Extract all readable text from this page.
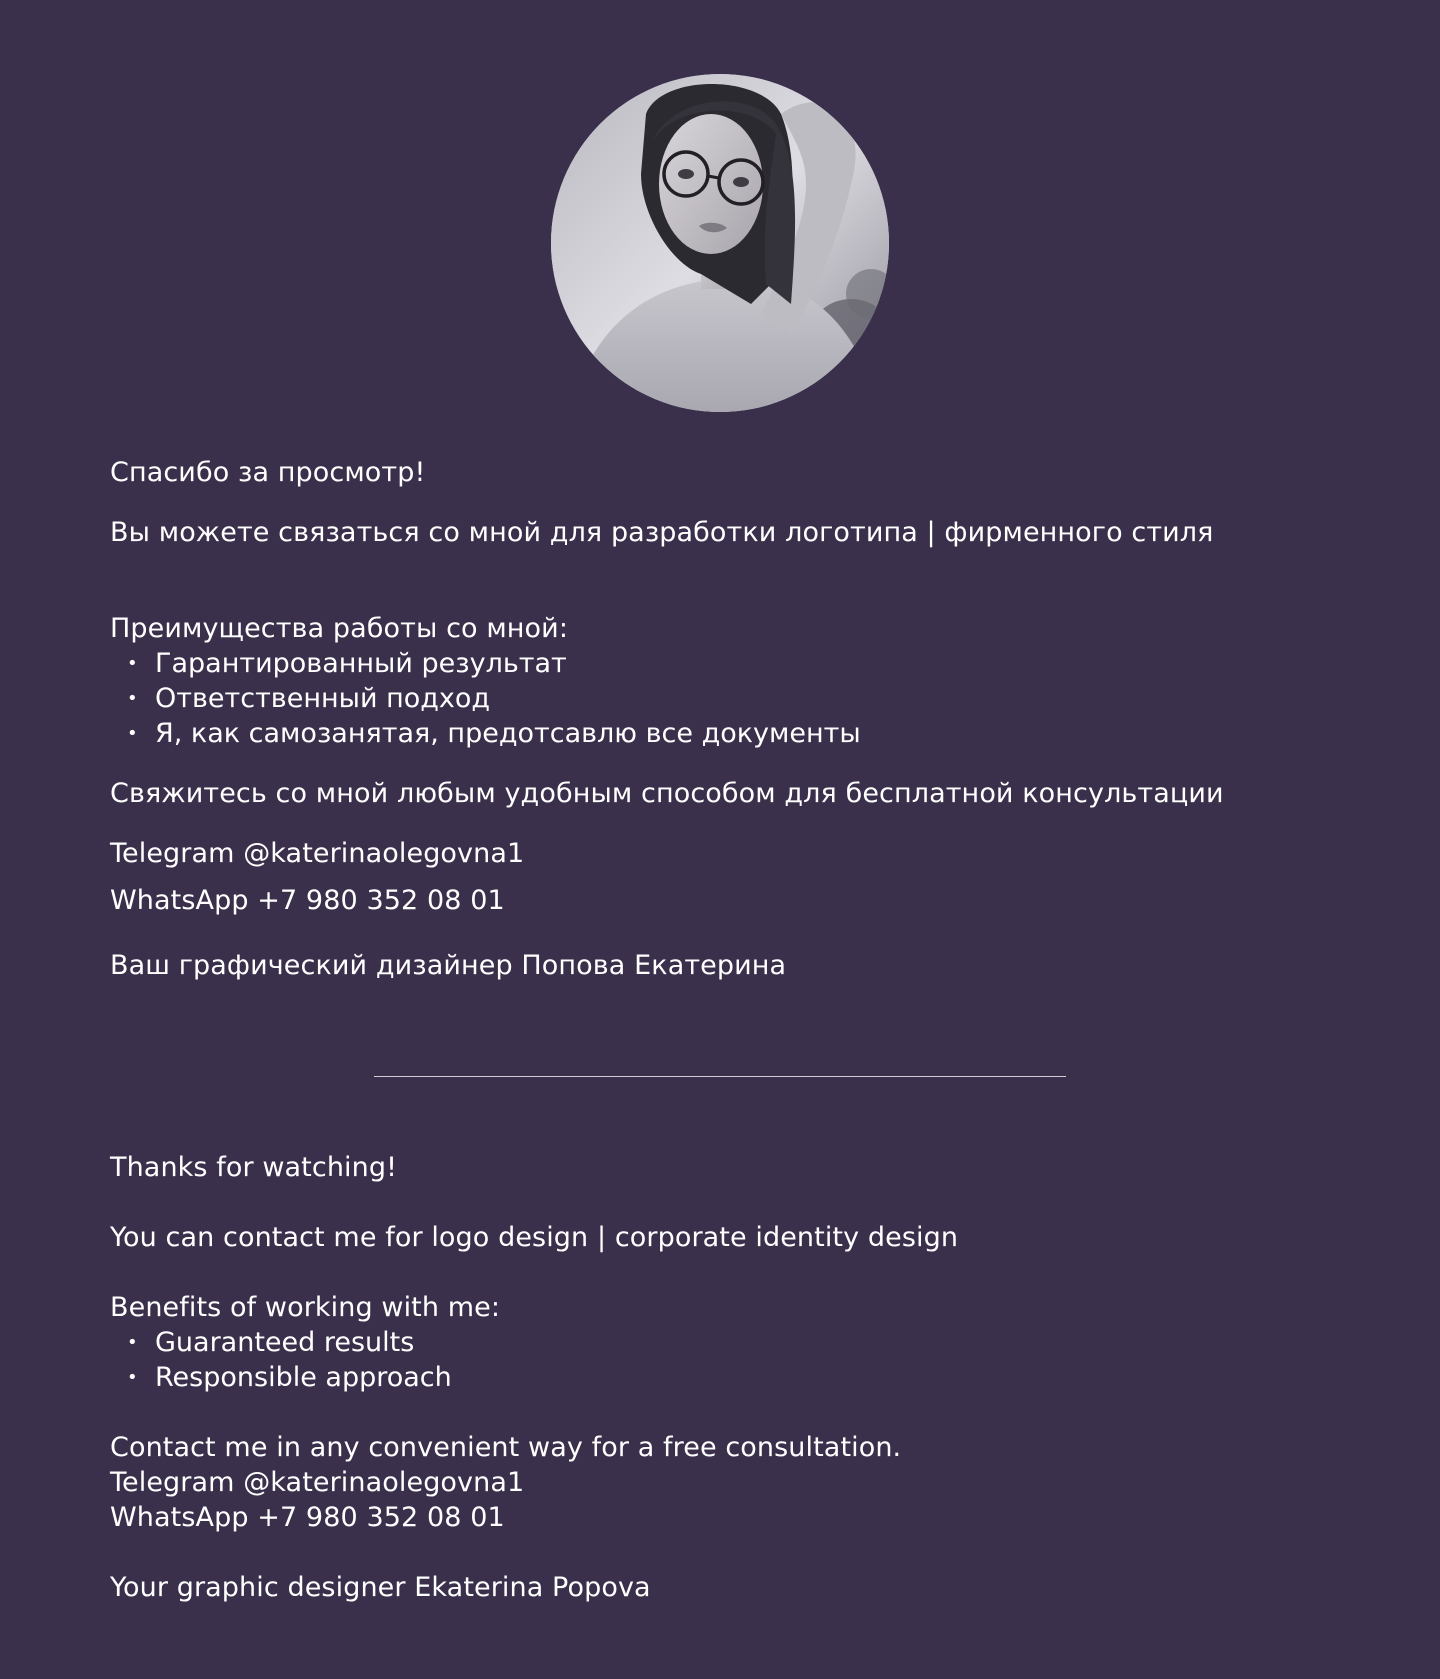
Спасибо за просмотр!
Вы можете связаться со мной для разработки логотипа | фирменного стиля
Преимущества работы со мной:
• Гарантированный результат
• Ответственный подход
• Я, как самозанятая, предотсавлю все документы
Свяжитесь со мной любым удобным способом для бесплатной консультации
Telegram @katerinaolegovna1
WhatsApp +7 980 352 08 01
Ваш графический дизайнер Попова Екатерина
Thanks for watching!
You can contact me for logo design | corporate identity design
Benefits of working with me:
• Guaranteed results
• Responsible approach
Contact me in any convenient way for a free consultation.
Telegram @katerinaolegovna1
WhatsApp +7 980 352 08 01
Your graphic designer Ekaterina Popova
